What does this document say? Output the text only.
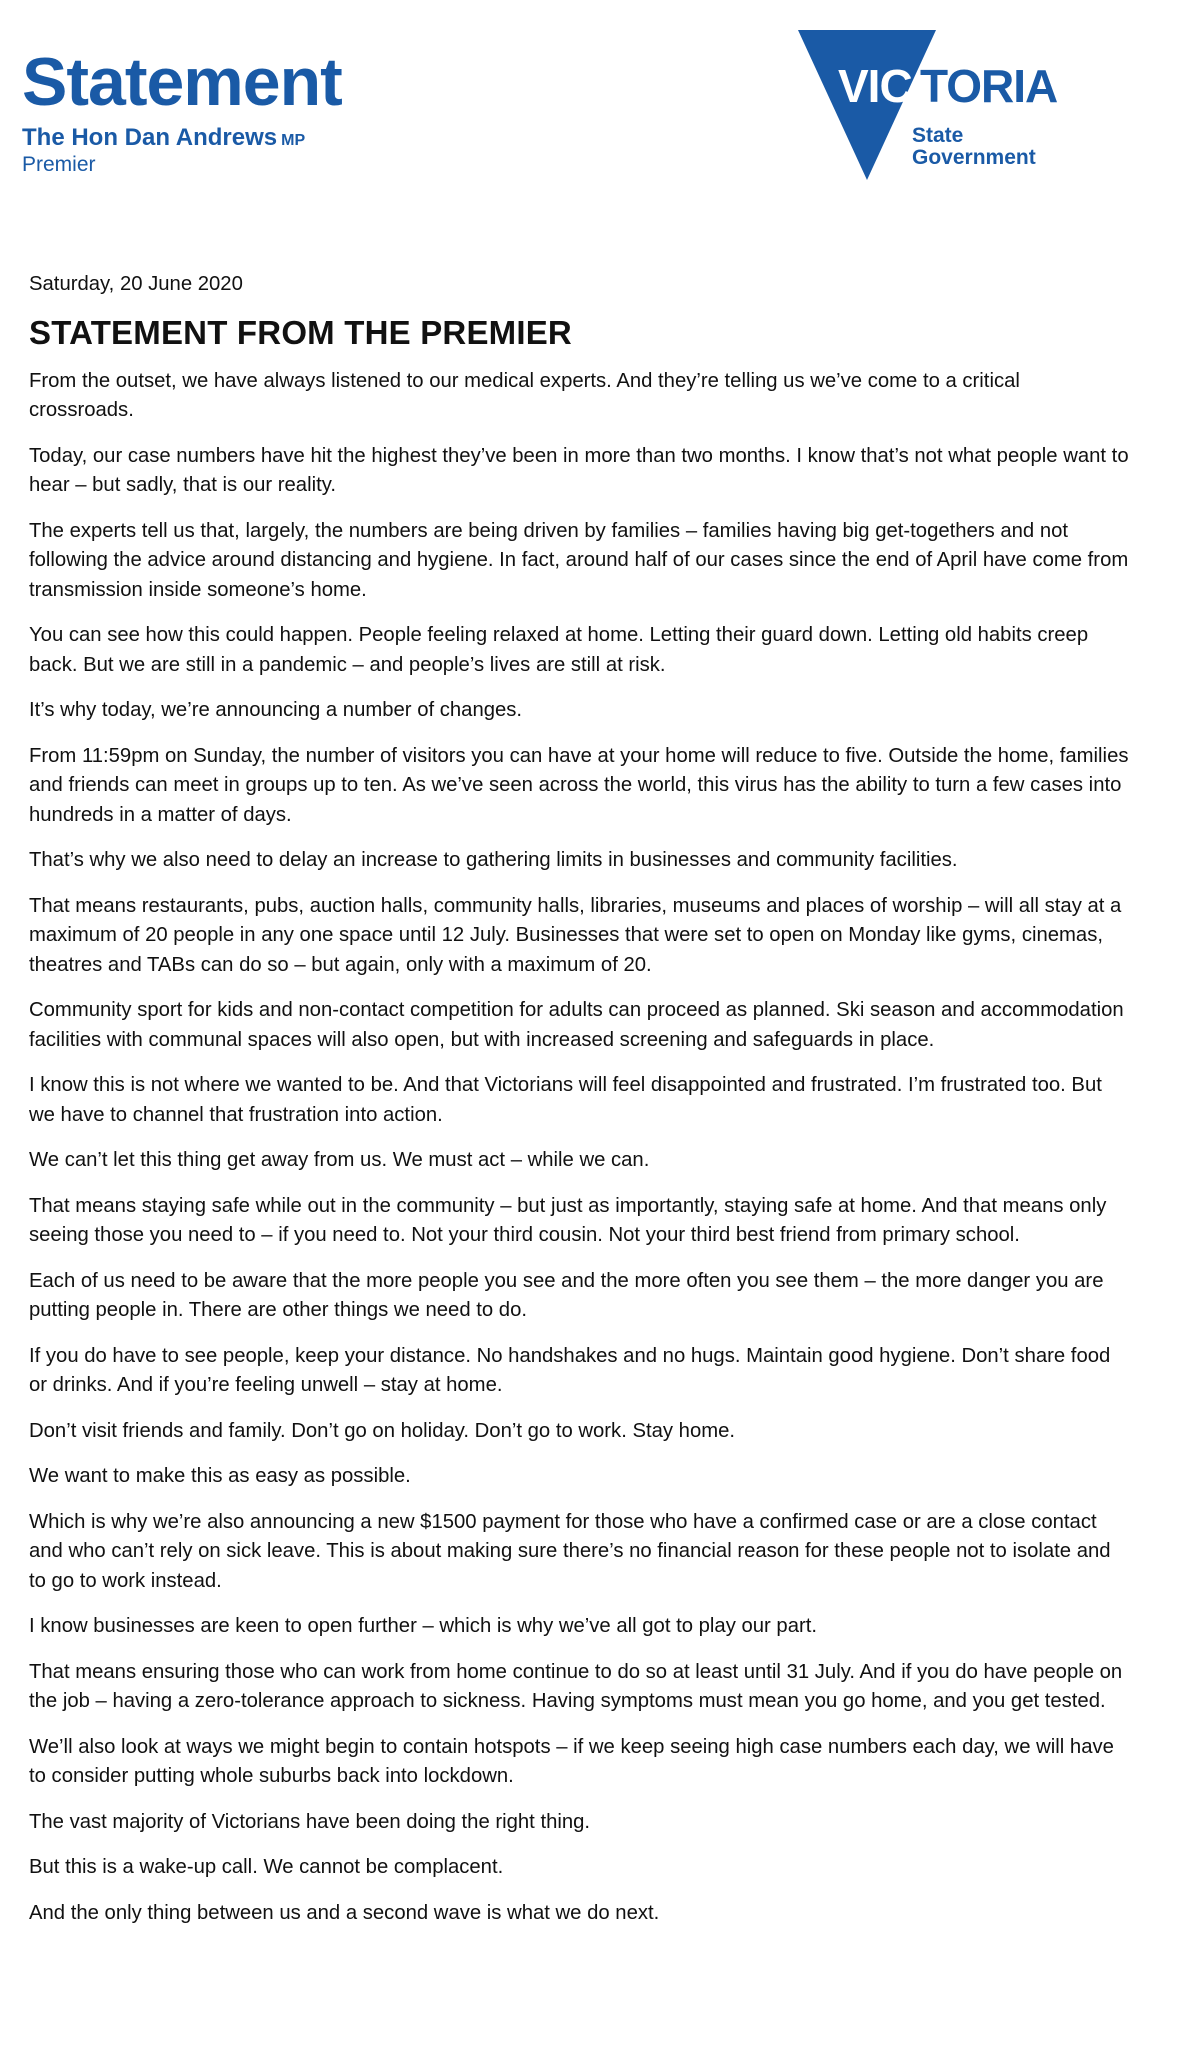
Statement
The Hon Dan Andrews MP
Premier
VIC TORIA
State
Government

Saturday, 20 June 2020

STATEMENT FROM THE PREMIER

From the outset, we have always listened to our medical experts. And they’re telling us we’ve come to a critical crossroads.

Today, our case numbers have hit the highest they’ve been in more than two months. I know that’s not what people want to hear – but sadly, that is our reality.

The experts tell us that, largely, the numbers are being driven by families – families having big get-togethers and not following the advice around distancing and hygiene. In fact, around half of our cases since the end of April have come from transmission inside someone’s home.

You can see how this could happen. People feeling relaxed at home. Letting their guard down. Letting old habits creep back. But we are still in a pandemic – and people’s lives are still at risk.

It’s why today, we’re announcing a number of changes.

From 11:59pm on Sunday, the number of visitors you can have at your home will reduce to five. Outside the home, families and friends can meet in groups up to ten. As we’ve seen across the world, this virus has the ability to turn a few cases into hundreds in a matter of days.

That’s why we also need to delay an increase to gathering limits in businesses and community facilities.

That means restaurants, pubs, auction halls, community halls, libraries, museums and places of worship – will all stay at a maximum of 20 people in any one space until 12 July. Businesses that were set to open on Monday like gyms, cinemas, theatres and TABs can do so – but again, only with a maximum of 20.

Community sport for kids and non-contact competition for adults can proceed as planned. Ski season and accommodation facilities with communal spaces will also open, but with increased screening and safeguards in place.

I know this is not where we wanted to be. And that Victorians will feel disappointed and frustrated. I’m frustrated too. But we have to channel that frustration into action.

We can’t let this thing get away from us. We must act – while we can.

That means staying safe while out in the community – but just as importantly, staying safe at home. And that means only seeing those you need to – if you need to. Not your third cousin. Not your third best friend from primary school.

Each of us need to be aware that the more people you see and the more often you see them – the more danger you are putting people in. There are other things we need to do.

If you do have to see people, keep your distance. No handshakes and no hugs. Maintain good hygiene. Don’t share food or drinks. And if you’re feeling unwell – stay at home.

Don’t visit friends and family. Don’t go on holiday. Don’t go to work. Stay home.

We want to make this as easy as possible.

Which is why we’re also announcing a new $1500 payment for those who have a confirmed case or are a close contact and who can’t rely on sick leave. This is about making sure there’s no financial reason for these people not to isolate and to go to work instead.

I know businesses are keen to open further – which is why we’ve all got to play our part.

That means ensuring those who can work from home continue to do so at least until 31 July. And if you do have people on the job – having a zero-tolerance approach to sickness. Having symptoms must mean you go home, and you get tested.

We’ll also look at ways we might begin to contain hotspots – if we keep seeing high case numbers each day, we will have to consider putting whole suburbs back into lockdown.

The vast majority of Victorians have been doing the right thing.

But this is a wake-up call. We cannot be complacent.

And the only thing between us and a second wave is what we do next.
